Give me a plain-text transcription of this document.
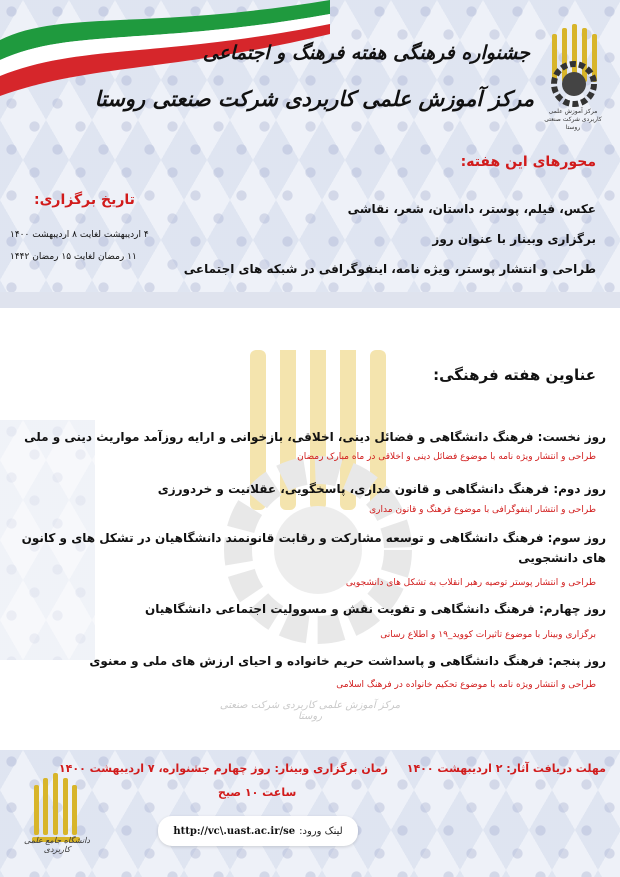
مرکز آموزش علمی کاربردی شرکت صنعتی روستا
جشنواره فرهنگی هفته فرهنگ و اجتماعی
مرکز آموزش علمی کاربردی شرکت صنعتی روستا
محورهای این هفته:

عکس، فیلم، پوستر، داستان، شعر، نقاشی

برگزاری وبینار با عنوان روز

طراحی و انتشار پوستر، ویژه نامه، اینفوگرافی در شبکه های اجتماعی

تاریخ برگزاری:

۴ اردیبهشت لغایت ۸ اردیبهشت ۱۴۰۰

۱۱ رمضان لغایت ۱۵ رمضان ۱۴۴۲

مرکز آموزش علمی کاربردی شرکت صنعتی روستا
عناوین هفته فرهنگی:

روز نخست: فرهنگ دانشگاهی و فضائل دینی، اخلاقی، بازخوانی و ارایه روزآمد مواریث دینی و ملی

طراحی و انتشار ویژه نامه با موضوع فضائل دینی و اخلاقی در ماه مبارک رمضان

روز دوم: فرهنگ دانشگاهی و قانون مداری، پاسخگویی، عقلانیت و خردورزی

طراحی و انتشار اینفوگرافی با موضوع فرهنگ و قانون مداری

روز سوم: فرهنگ دانشگاهی و توسعه مشارکت و رقابت قانونمند دانشگاهیان در تشکل های و کانون های دانشجویی

طراحی و انتشار پوستر توصیه رهبر انقلاب به تشکل های دانشجویی

روز چهارم: فرهنگ دانشگاهی و تقویت نقش و مسوولیت اجتماعی دانشگاهیان

برگزاری وبینار با موضوع تاثیرات کووید_۱۹ و اطلاع رسانی

روز پنجم: فرهنگ دانشگاهی و پاسداشت حریم خانواده و احیای ارزش های ملی و معنوی

طراحی و انتشار ویژه نامه با موضوع تحکیم خانواده در فرهنگ اسلامی

مهلت دریافت آثار: ۲ اردیبهشت ۱۴۰۰

زمان برگزاری وبینار: روز چهارم جشنواره، ۷ اردیبهشت ۱۴۰۰

ساعت ۱۰ صبح

لینک ورود:
http://vc\.uast.ac.ir/se
دانشگاه جامع علمی کاربردی
